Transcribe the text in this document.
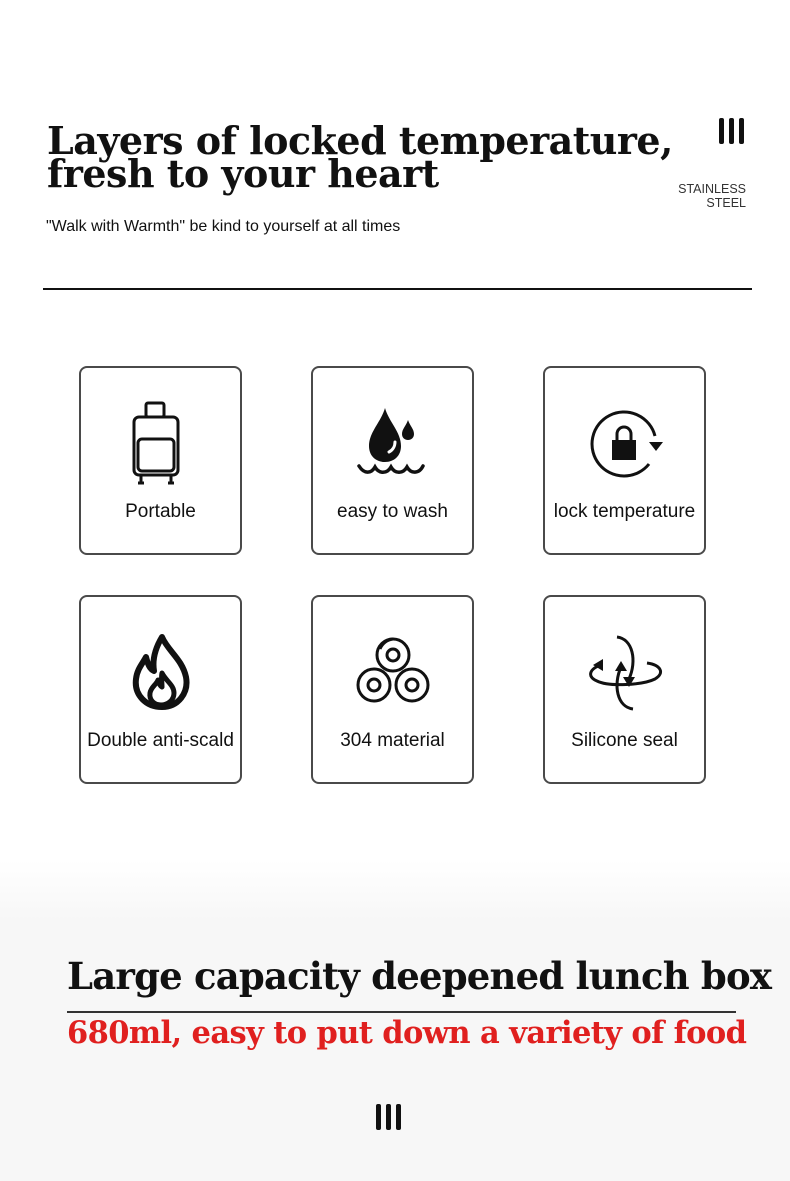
Layers of locked temperature,
fresh to your heart	STAINLESS
STEEL
"Walk with Warmth" be kind to yourself at all times
Portable	easy to wash	lock temperature
Double anti-scald	304 material	Silicone seal
Large capacity deepened lunch box
680ml, easy to put down a variety of food
